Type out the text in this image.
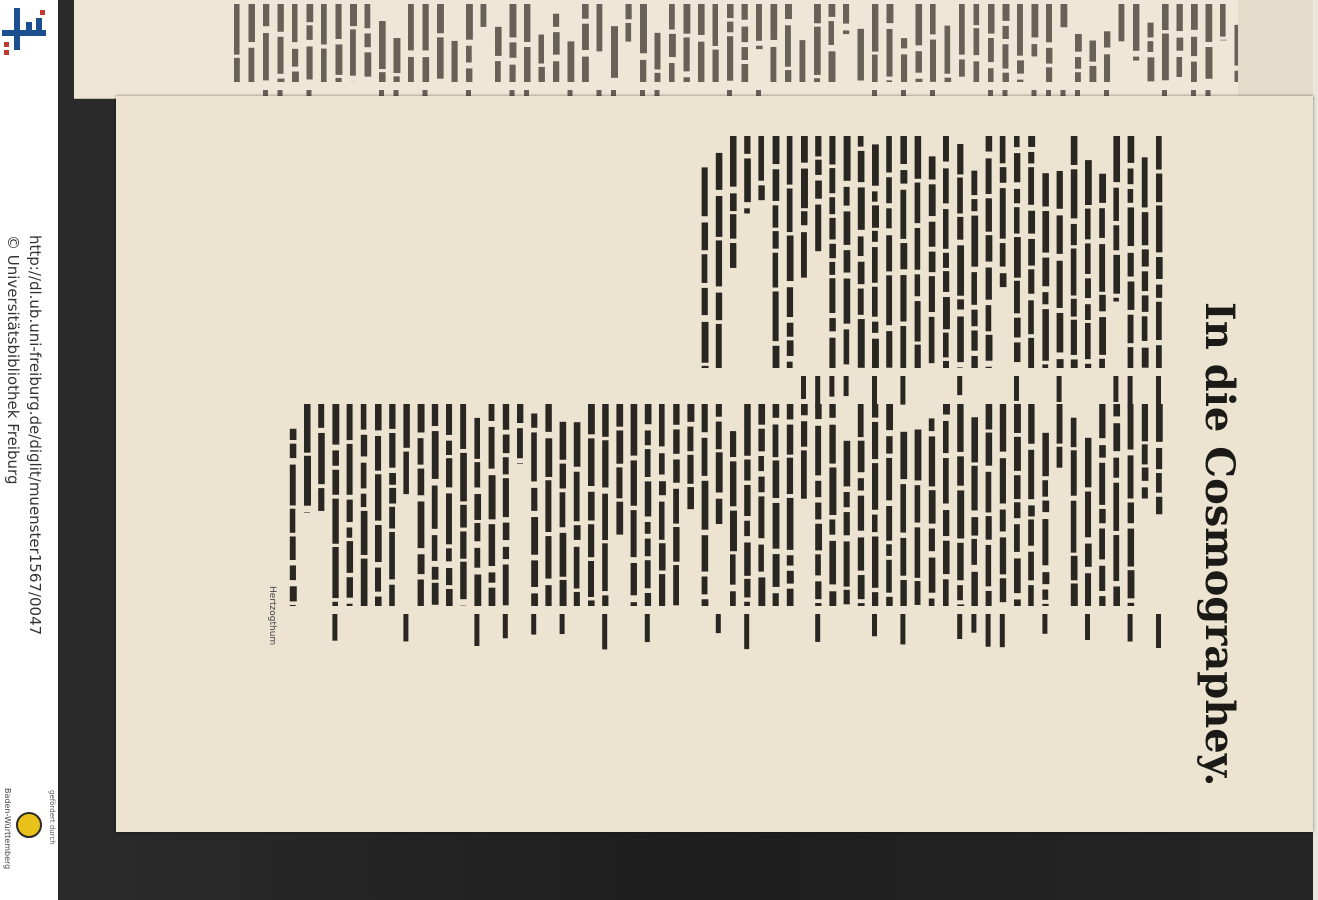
http://dl.ub.uni-freiburg.de/diglit/muenster1567/0047
© Universitätsbibliothek Freiburg
gefördert durch
Baden-Württemberg
In die Cosmographey.
Hertzogthum
